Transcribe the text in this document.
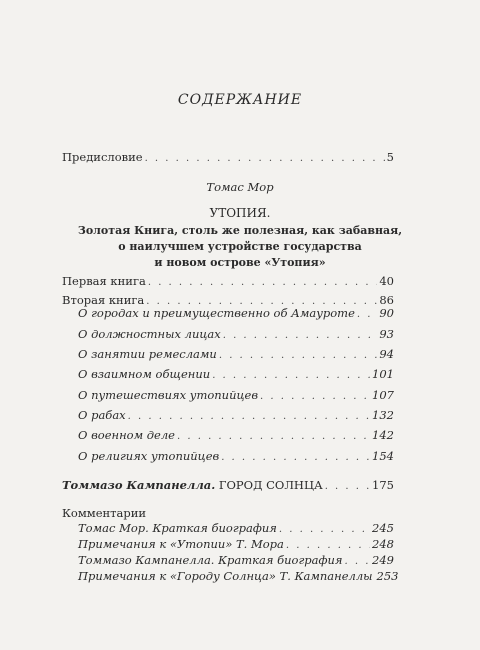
СОДЕРЖАНИЕ
Предисловие . . .	5
Томас Мор
УТОПИЯ.
Золотая Книга, столь же полезная, как забавная,
о наилучшем устройстве государства
и новом острове «Утопия»
Первая книга . . .	40
Вторая книга . . .	86
О городах и преимущественно об Амауроте . . . 90
О должностных лицах . . .	93
О занятии ремеслами . . .	94
О взаимном общении . . .	101
О путешествиях утопийцев . . .	107
О рабах . . .	132
О военном деле . . .	142
О религиях утопийцев . . .	154
Томмазо Кампанелла. ГОРОД СОЛНЦА . . .	175
Комментарии
Томас Мор. Краткая биография . . .	245
Примечания к «Утопии» Т. Мора . . .	248
Томмазо Кампанелла. Краткая биография . . .	249
Примечания к «Городу Солнца» Т. Кампанеллы 253
